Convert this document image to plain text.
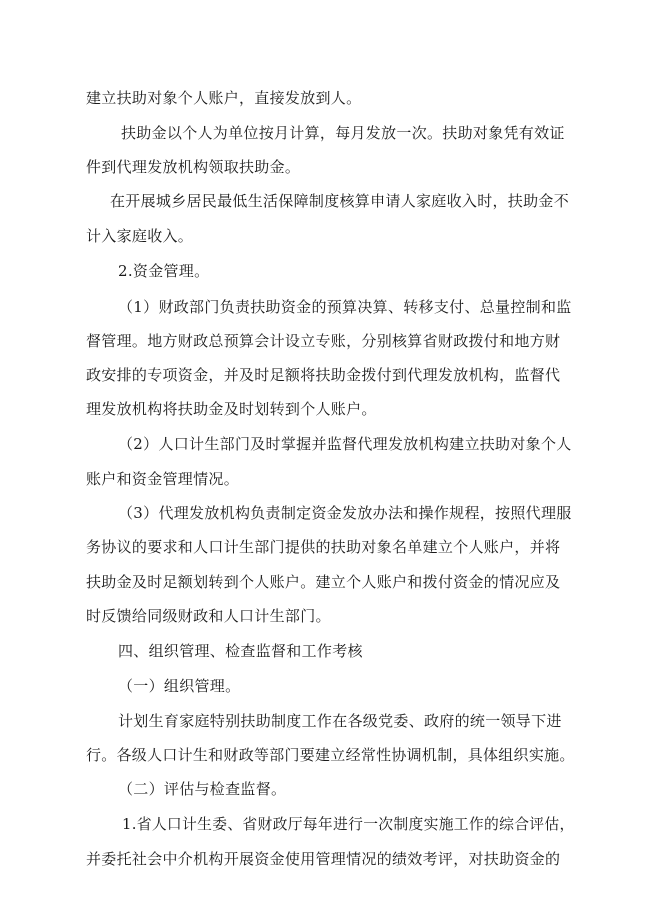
建立扶助对象个人账户，直接发放到人。
扶助金以个人为单位按月计算，每月发放一次。扶助对象凭有效证
件到代理发放机构领取扶助金。
在开展城乡居民最低生活保障制度核算申请人家庭收入时，扶助金不
计入家庭收入。
2.资金管理。
（1）财政部门负责扶助资金的预算决算、转移支付、总量控制和监
督管理。地方财政总预算会计设立专账，分别核算省财政拨付和地方财
政安排的专项资金，并及时足额将扶助金拨付到代理发放机构，监督代
理发放机构将扶助金及时划转到个人账户。
（2）人口计生部门及时掌握并监督代理发放机构建立扶助对象个人
账户和资金管理情况。
（3）代理发放机构负责制定资金发放办法和操作规程，按照代理服
务协议的要求和人口计生部门提供的扶助对象名单建立个人账户，并将
扶助金及时足额划转到个人账户。建立个人账户和拨付资金的情况应及
时反馈给同级财政和人口计生部门。
四、组织管理、检查监督和工作考核
（一）组织管理。
计划生育家庭特别扶助制度工作在各级党委、政府的统一领导下进
行。各级人口计生和财政等部门要建立经常性协调机制，具体组织实施。
（二）评估与检查监督。
1.省人口计生委、省财政厅每年进行一次制度实施工作的综合评估，
并委托社会中介机构开展资金使用管理情况的绩效考评，对扶助资金的
